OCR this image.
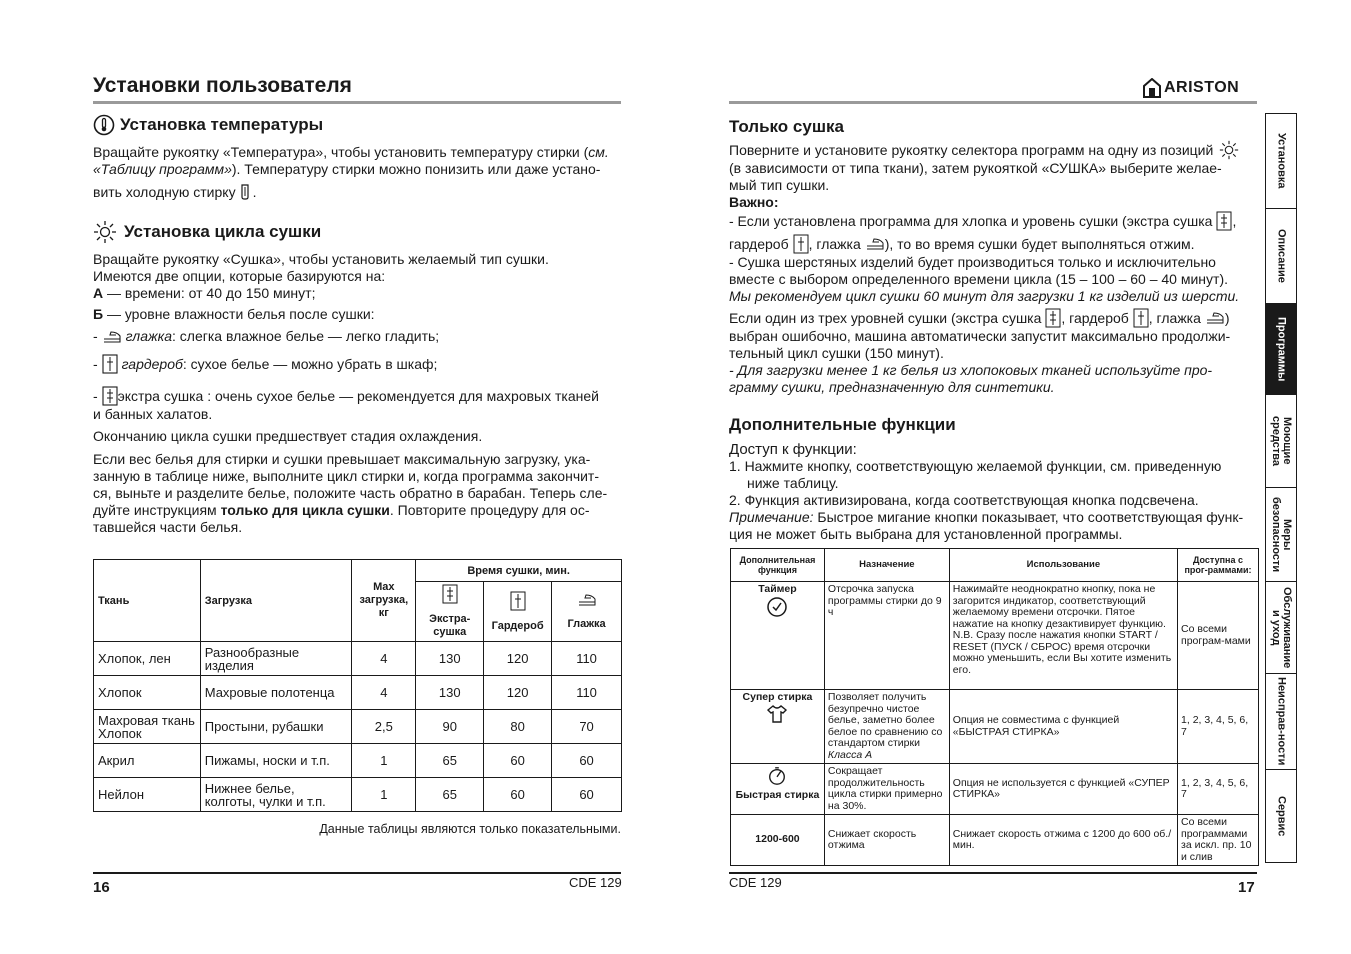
Установки пользователя
Установка температуры
Вращайте рукоятку «Температура», чтобы установить температуру стирки (см. «Таблицу программ»). Температуру стирки можно понизить или даже устано-
вить холодную стирку .
Установка цикла сушки
Вращайте рукоятку «Сушка», чтобы установить желаемый тип сушки.
Имеются две опции, которые базируются на:
А — времени: от 40 до 150 минут;
Б — уровне влажности белья после сушки:
- глажка : слегка влажное белье — легко гладить;
- гардероб : сухое белье — можно убрать в шкаф;
- экстра сушка : очень сухое белье — рекомендуется для махровых тканей
и банных халатов.
Окончанию цикла сушки предшествует стадия охлаждения.
Если вес белья для стирки и сушки превышает максимальную загрузку, ука-
занную в таблице ниже, выполните цикл стирки и, когда программа закончит-
ся, выньте и разделите белье, положите часть обратно в барабан. Теперь сле-
дуйте инструкциям только для цикла сушки. Повторите процедуру для ос-
тавшейся части белья.
Ткань	Загрузка	Max загрузка, кг	Время сушки, мин.		

			Экстра-сушка	Гардероб	Глажка

Хлопок, лен	Разнообразные изделия	4	130	120	110
Хлопок	Махровые полотенца	4	130	120	110
Махровая ткань Хлопок	Простыни, рубашки	2,5	90	80	70
Акрил	Пижамы, носки и т.п.	1	65	60	60
Нейлон	Нижнее белье, колготы, чулки и т.п.	1	65	60	60
Данные таблицы являются только показательными.
16	CDE 129
ARISTON
Только сушка
Поверните и установите рукоятку селектора программ на одну из позиций
(в зависимости от типа ткани), затем рукояткой «СУШКА» выберите желае-
мый тип сушки.
Важно:
- Если установлена программа для хлопка и уровень сушки (экстра сушка ,
гардероб , глажка ), то во время сушки будет выполняться отжим.
- Сушка шерстяных изделий будет производиться только и исключительно
вместе с выбором определенного времени цикла (15 – 100 – 60 – 40 минут).
Мы рекомендуем цикл сушки 60 минут для загрузки 1 кг изделий из шерсти.
Если один из трех уровней сушки (экстра сушка , гардероб , глажка )
выбран ошибочно, машина автоматически запустит максимально продолжи-
тельный цикл сушки (150 минут).
- Для загрузки менее 1 кг белья из хлопоковых тканей используйте про-
грамму сушки, предназначенную для синтетики.
Дополнительные функции
Доступ к функции:
1. Нажмите кнопку, соответствующую желаемой функции, см. приведенную
ниже таблицу.
2. Функция активизирована, когда соответствующая кнопка подсвечена.
Примечание: Быстрое мигание кнопки показывает, что соответствующая функ-
ция не может быть выбрана для установленной программы.
Дополнительная функция	Назначение	Использование	Доступна с прог-раммами:

Таймер	Отсрочка запуска программы стирки до 9 ч	Нажимайте неоднократно кнопку, пока не загорится индикатор, соответствующий желаемому времени отсрочки. Пятое нажатие на кнопку дезактивирует функцию.
N.B. Сразу после нажатия кнопки START / RESET (ПУСК / СБРОС) время отсрочки можно уменьшить, если Вы хотите изменить его.	Со всеми програм-мами

Супер стирка	Позволяет получить безупречно чистое белье, заметно более белое по сравнению со стандартом стирки Класса А	Опция не совместима с функцией «БЫСТРАЯ СТИРКА»	1, 2, 3, 4, 5, 6, 7

Быстрая стирка	Сокращает продолжительность цикла стирки примерно на 30%.	Опция не используется с функцией «СУПЕР СТИРКА»	1, 2, 3, 4, 5, 6, 7
1200-600	Снижает скорость отжима	Снижает скорость отжима с 1200 до 600 об./мин.	Со всеми программами за искл. пр. 10 и слив
CDE 129	17
Установка
Описание
Программы
Моющие средства
Меры безопасности
Обслуживание и уход
Неисправ-ности
Сервис
